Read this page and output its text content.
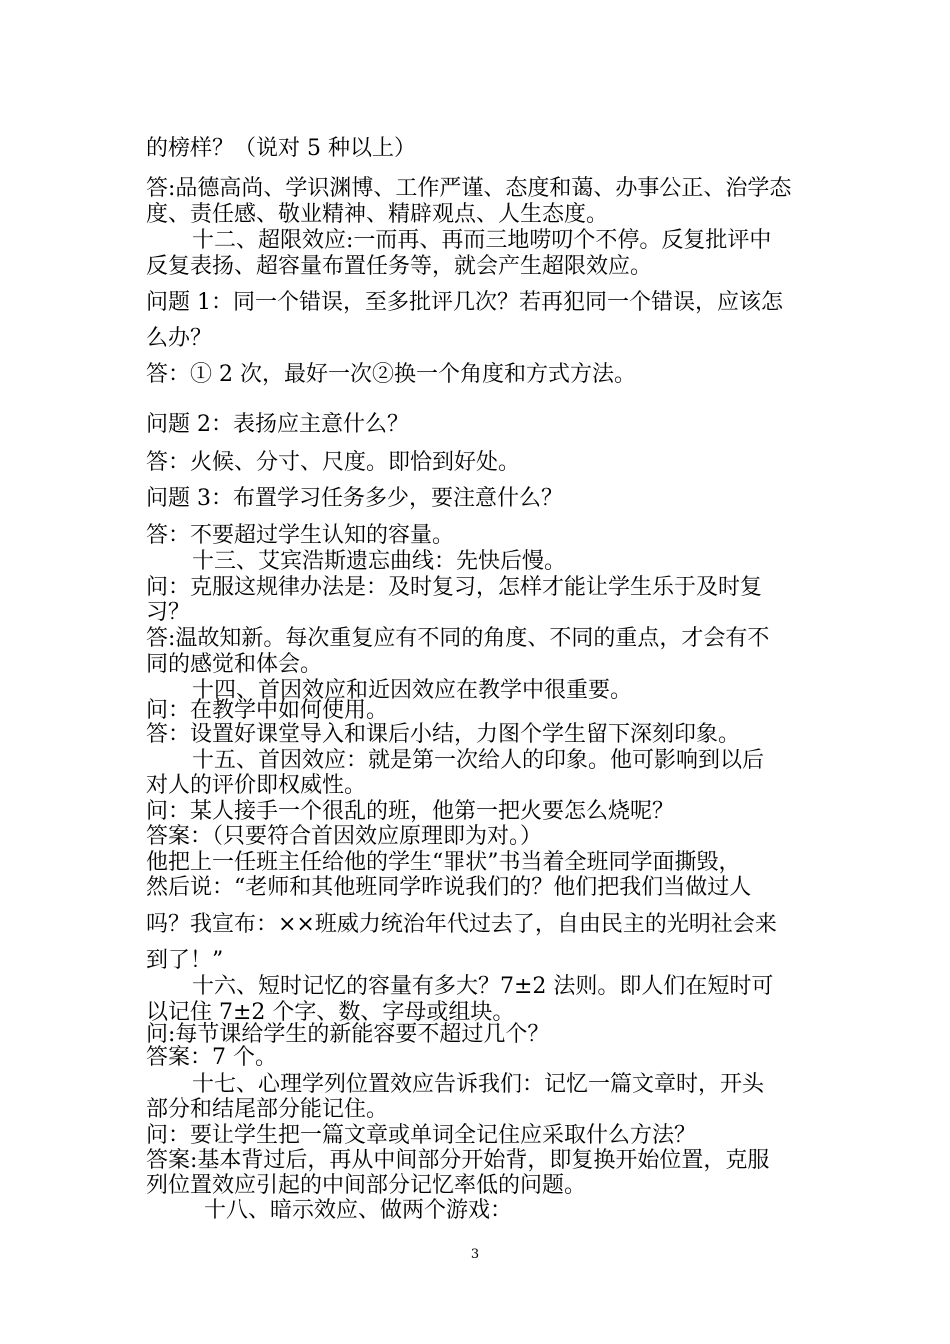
的榜样？（说对 5 种以上）
答:品德高尚、学识渊博、工作严谨、态度和蔼、办事公正、治学态
度、责任感、敬业精神、精辟观点、人生态度。
十二、超限效应:一而再、再而三地唠叨个不停。反复批评中
反复表扬、超容量布置任务等，就会产生超限效应。
问题 1：同一个错误，至多批评几次？若再犯同一个错误，应该怎
么办？
答：① 2 次，最好一次②换一个角度和方式方法。
问题 2：表扬应主意什么？
答：火候、分寸、尺度。即恰到好处。
问题 3：布置学习任务多少，要注意什么？
答：不要超过学生认知的容量。
十三、艾宾浩斯遗忘曲线：先快后慢。
问：克服这规律办法是：及时复习，怎样才能让学生乐于及时复
习？
答:温故知新。每次重复应有不同的角度、不同的重点，才会有不
同的感觉和体会。
十四、首因效应和近因效应在教学中很重要。
问：在教学中如何使用。
答：设置好课堂导入和课后小结，力图个学生留下深刻印象。
十五、首因效应：就是第一次给人的印象。他可影响到以后
对人的评价即权威性。
问：某人接手一个很乱的班，他第一把火要怎么烧呢？
答案：（只要符合首因效应原理即为对。）
他把上一任班主任给他的学生“罪状”书当着全班同学面撕毁，
然后说：“老师和其他班同学昨说我们的？他们把我们当做过人
吗？我宣布：××班威力统治年代过去了，自由民主的光明社会来
到了！”
十六、短时记忆的容量有多大？7±2 法则。即人们在短时可
以记住 7±2 个字、数、字母或组块。
问:每节课给学生的新能容要不超过几个？
答案：7 个。
十七、心理学列位置效应告诉我们：记忆一篇文章时，开头
部分和结尾部分能记住。
问：要让学生把一篇文章或单词全记住应采取什么方法？
答案:基本背过后，再从中间部分开始背，即复换开始位置，克服
列位置效应引起的中间部分记忆率低的问题。
十八、暗示效应、做两个游戏：
3
